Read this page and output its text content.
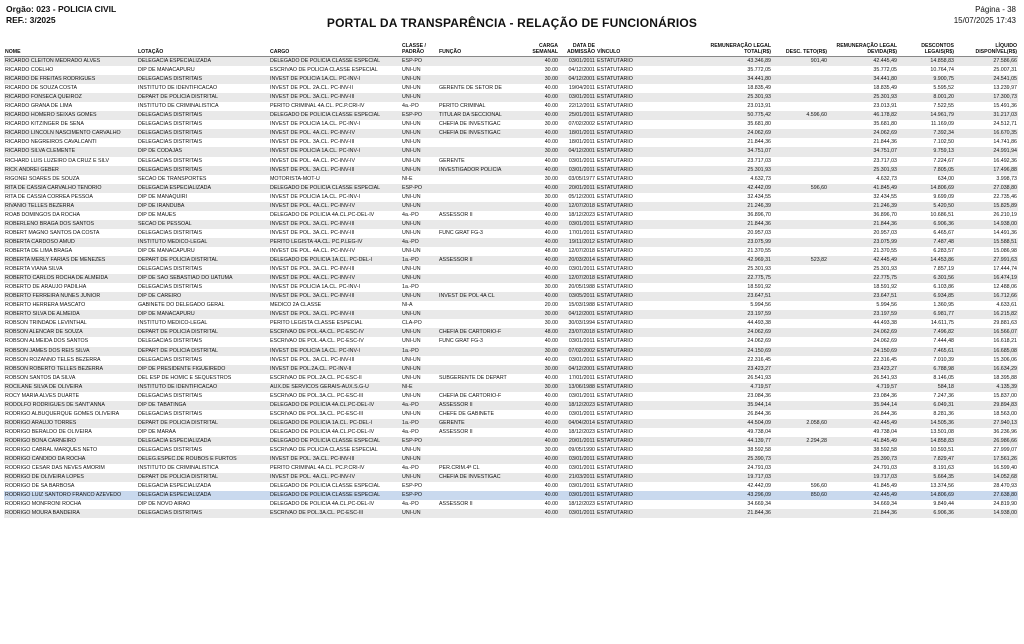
Orgão: 023 - POLICIA CIVIL
REF.: 3/2025	PORTAL DA TRANSPARÊNCIA - RELAÇÃO DE FUNCIONÁRIOS
Página - 38
15/07/2025 17:43
NOME	LOTAÇÃO	CARGO	CLASSE / PADRÃO	FUNÇÃO	CARGA SEMANAL	DATA DE ADMISSÃO	VÍNCULO	REMUNERAÇÃO LEGAL TOTAL(R$)	DESC. TETO(R$)	REMUNERAÇÃO LEGAL DEVIDA(R$)	DESCONTOS LEGAIS(R$)	LÍQUIDO DISPONÍVEL(R$)
RICARDO CLEITON MEDRADO ALVES	DELEGACIA ESPECIALIZADA	DELEGADO DE POLICIA CLASSE ESPECIAL	ESP-PO		40.00	03/01/2011	ESTATUTARIO	43.346,89	901,40	42.445,49	14.858,83	27.586,66
RICARDO COELHO	DIP DE MANACAPURU	ESCRIVAO DE POLICIA CLASSE ESPECIAL	UNI-UN		30.00	04/12/2001	ESTATUTARIO	35.772,05		35.772,05	10.764,74	25.007,31
RICARDO DE FREITAS RODRIGUES	DELEGACIAS DISTRITAIS	INVEST DE POLICIA 1A.CL. PC-INV-I	UNI-UN		30.00	04/12/2001	ESTATUTARIO	34.441,80		34.441,80	9.900,75	24.541,05
RICARDO DE SOUZA COSTA	INSTITUTO DE IDENTIFICACAO	INVEST DE POL. 2A.CL. PC-INV-II	UNI-UN	GERENTE DE SETOR DE	40.00	19/04/2011	ESTATUTARIO	18.835,49		18.835,49	5.595,52	13.239,97
RICARDO FONSECA QUEIROZ	DEPART DE POLICIA DISTRITAL	INVEST DE POL. 3A.CL. PC-INV-III	UNI-UN		40.00	03/01/2011	ESTATUTARIO	25.301,93		25.301,93	8.001,20	17.300,73
RICARDO GRANA DE LIMA	INSTITUTO DE CRIMINALISTICA	PERITO CRIMINAL 4A.CL. PC.P.CRI-IV	4a.-PO	PERITO CRIMINAL	40.00	22/12/2011	ESTATUTARIO	23.013,91		23.013,91	7.522,55	15.491,36
RICARDO HOMERO SEIXAS GOMES	DELEGACIAS DISTRITAIS	DELEGADO DE POLICIA CLASSE ESPECIAL	ESP-PO	TITULAR DA SECCIONAL	40.00	25/01/2011	ESTATUTARIO	50.775,42	4.596,60	46.178,82	14.961,79	31.217,03
RICARDO KITZINGER DE SENA	DELEGACIAS DISTRITAIS	INVEST DE POLICIA 1A.CL. PC-INV-I	UNI-UN	CHEFIA DE INVESTIGAC	30.00	07/02/2002	ESTATUTARIO	35.681,80		35.681,80	11.169,09	24.512,71
RICARDO LINCOLN NASCIMENTO CARVALHO	DELEGACIAS DISTRITAIS	INVEST DE POL. 4A.CL. PC-INV-IV	UNI-UN	CHEFIA DE INVESTIGAC	40.00	18/01/2011	ESTATUTARIO	24.062,69		24.062,69	7.392,34	16.670,35
RICARDO NEGREIROS CAVALCANTI	DELEGACIAS DISTRITAIS	INVEST DE POL. 3A.CL. PC-INV-III	UNI-UN		40.00	18/01/2011	ESTATUTARIO	21.844,36		21.844,36	7.102,50	14.741,86
RICARDO SILVA CLEMENTE	DIP DE CODAJAS	INVEST DE POLICIA 1A.CL. PC-INV-I	UNI-UN		30.00	04/12/2001	ESTATUTARIO	34.751,07		34.751,07	9.759,13	24.991,94
RICHARD LUIS LUZEIRO DA CRUZ E SILV	DELEGACIAS DISTRITAIS	INVEST DE POL. 4A.CL. PC-INV-IV	UNI-UN	GERENTE	40.00	03/01/2011	ESTATUTARIO	23.717,03		23.717,03	7.224,67	16.492,36
RICK ANDREI GEBER	DELEGACIAS DISTRITAIS	INVEST DE POL. 3A.CL. PC-INV-III	UNI-UN	INVESTIGADOR POLICIA	40.00	03/01/2011	ESTATUTARIO	25.301,93		25.301,93	7.805,05	17.496,88
RIGONEI SOARES DE SOUZA	SECAO DE TRANSPORTES	MOTORISTA-MOT-U	NI-E		30.00	03/05/1977	ESTATUTARIO	4.632,73		4.632,73	634,00	3.998,73
RITA DE CASSIA CARVALHO TENORIO	DELEGACIA ESPECIALIZADA	DELEGADO DE POLICIA CLASSE ESPECIAL	ESP-PO		40.00	20/01/2011	ESTATUTARIO	42.442,09	596,60	41.845,49	14.806,69	27.038,80
RITA DE CASSIA CORREA PESSOA	DIP DE MANAQUIRI	INVEST DE POLICIA 1A.CL. PC-INV-I	UNI-UN		30.00	05/12/2001	ESTATUTARIO	32.434,55		32.434,55	9.699,09	22.735,46
RIVANIO TELLES BEZERRA	DIP DE IRANDUBA	INVEST DE POL. 4A.CL. PC-INV-IV	UNI-UN		40.00	12/07/2018	ESTATUTARIO	21.246,39		21.246,39	5.420,50	15.825,89
ROAB DOMINGOS DA ROCHA	DIP DE MAUES	DELEGADO DE POLICIA 4A.CL.PC-DEL-IV	4a.-PO	ASSESSOR II	40.00	18/12/2023	ESTATUTARIO	36.896,70		36.896,70	10.686,51	26.210,19
ROBERLENO BRAGA DOS SANTOS	SECAO DE PESSOAL	INVEST DE POL. 3A.CL. PC-INV-III	UNI-UN		40.00	03/01/2011	ESTATUTARIO	21.844,36		21.844,36	6.906,36	14.938,00
ROBERT MAGNO SANTOS DA COSTA	DELEGACIAS DISTRITAIS	INVEST DE POL. 3A.CL. PC-INV-III	UNI-UN	FUNC GRAT FG-3	40.00	17/01/2011	ESTATUTARIO	20.957,03		20.957,03	6.465,67	14.491,36
ROBERTA CARDOSO AMUD	INSTITUTO MEDICO-LEGAL	PERITO LEGISTA 4A.CL. PC.P.LEG-IV	4a.-PO		40.00	19/11/2012	ESTATUTARIO	23.075,99		23.075,99	7.487,48	15.588,51
ROBERTA DE LIMA BRAGA	DIP DE MANACAPURU	INVEST DE POL. 4A.CL. PC-INV-IV	UNI-UN		48.00	12/07/2018	ESTATUTARIO	21.370,55		21.370,55	6.283,57	15.086,98
ROBERTA MERLY FARIAS DE MENEZES	DEPART DE POLICIA DISTRITAL	DELEGADO DE POLICIA 1A.CL. PC-DEL-I	1a.-PO	ASSESSOR II	40.00	20/03/2014	ESTATUTARIO	42.969,31	523,82	42.445,49	14.453,86	27.991,63
ROBERTA VIANA SILVA	DELEGACIAS DISTRITAIS	INVEST DE POL. 3A.CL. PC-INV-III	UNI-UN		40.00	03/01/2011	ESTATUTARIO	25.301,93		25.301,93	7.857,19	17.444,74
ROBERTO CARLOS ROCHA DE ALMEIDA	DIP DE SAO SEBASTIAO DO UATUMA	INVEST DE POL. 4A.CL. PC-INV-IV	UNI-UN		40.00	12/07/2018	ESTATUTARIO	22.775,75		22.775,75	6.301,56	16.474,19
ROBERTO DE ARAUJO PADILHA	DELEGACIAS DISTRITAIS	INVEST DE POLICIA 1A.CL. PC-INV-I	1a.-PO		30.00	20/05/1988	ESTATUTARIO	18.591,92		18.591,92	6.103,86	12.488,06
ROBERTO FERREIRA NUNES JUNIOR	DIP DE CAREIRO	INVEST DE POL. 3A.CL. PC-INV-III	UNI-UN	INVEST DE POL 4A CL	40.00	03/05/2011	ESTATUTARIO	23.647,51		23.647,51	6.934,85	16.712,66
ROBERTO HERRERA MASCATO	GABINETE DO DELEGADO GERAL	MEDICO 2A CLASSE	NI-A		20.00	15/03/1988	ESTATUTARIO	5.994,56		5.994,56	1.360,95	4.633,61
ROBERTO SILVA DE ALMEIDA	DIP DE MANACAPURU	INVEST DE POL. 3A.CL. PC-INV-III	UNI-UN		30.00	04/12/2001	ESTATUTARIO	23.197,59		23.197,59	6.981,77	16.215,82
ROBSON TRINDADE LEVINTHAL	INSTITUTO MEDICO-LEGAL	PERITO LEGISTA CLASSE ESPECIAL	CLA-PO		30.00	30/03/1994	ESTATUTARIO	44.493,38		44.493,38	14.611,75	29.881,63
ROBSON ALENCAR DE SOUZA	DEPART DE POLICIA DISTRITAL	ESCRIVAO DE POL.4A.CL. PC-ESC-IV	UNI-UN	CHEFIA DE CARTORIO-F	48.00	23/07/2018	ESTATUTARIO	24.062,69		24.062,69	7.496,82	16.566,07
ROBSON ALMEIDA DOS SANTOS	DELEGACIAS DISTRITAIS	ESCRIVAO DE POL.4A.CL. PC-ESC-IV	UNI-UN	FUNC GRAT FG-3	40.00	03/01/2011	ESTATUTARIO	24.062,69		24.062,69	7.444,48	16.618,21
ROBSON JAMES DOS REIS SILVA	DEPART DE POLICIA DISTRITAL	INVEST DE POLICIA 1A.CL. PC-INV-I	1a.-PO		30.00	07/02/2002	ESTATUTARIO	24.150,69		24.150,69	7.465,61	16.685,08
ROBSON ROZANNO TELES BEZERRA	DELEGACIAS DISTRITAIS	INVEST DE POL. 3A.CL. PC-INV-III	UNI-UN		40.00	03/01/2011	ESTATUTARIO	22.316,45		22.316,45	7.010,39	15.306,06
ROBSON ROBERTO TELLES BEZERRA	DIP DE PRESIDENTE FIGUEIREDO	INVEST DE POL.2A.CL. PC-INV-II	UNI-UN		30.00	04/12/2001	ESTATUTARIO	23.423,27		23.423,27	6.788,98	16.634,29
ROBSON SANTOS DA SILVA	DEL ESP DE HOMIC E SEQUESTROS	ESCRIVAO DE POL.2A.CL. PC-ESC-II	UNI-UN	SUBGERENTE DE DEPART	40.00	17/01/2011	ESTATUTARIO	26.541,93		26.541,93	8.146,05	18.395,88
ROCILANE SILVA DE OLIVEIRA	INSTITUTO DE IDENTIFICACAO	AUX.DE SERVICOS GERAIS-AUX.S.G-U	NI-E		30.00	13/06/1988	ESTATUTARIO	4.719,57		4.719,57	584,18	4.135,39
ROCY MARIA ALVES DUARTE	DELEGACIAS DISTRITAIS	ESCRIVAO DE POL.3A.CL. PC-ESC-III	UNI-UN	CHEFIA DE CARTORIO-F	40.00	03/01/2011	ESTATUTARIO	23.084,36		23.084,36	7.247,36	15.837,00
RODOLFO RODRIGUES DE SANT'ANNA	DIP DE TABATINGA	DELEGADO DE POLICIA 4A.CL.PC-DEL-IV	4a.-PO	ASSESSOR II	40.00	18/12/2023	ESTATUTARIO	35.944,14		35.944,14	6.049,31	29.894,83
RODRIGO ALBUQUERQUE GOMES OLIVEIRA	DELEGACIAS DISTRITAIS	ESCRIVAO DE POL.3A.CL. PC-ESC-III	UNI-UN	CHEFE DE GABINETE	40.00	03/01/2011	ESTATUTARIO	26.844,36		26.844,36	8.281,36	18.563,00
RODRIGO ARAUJO TORRES	DEPART DE POLICIA DISTRITAL	DELEGADO DE POLICIA 1A.CL. PC-DEL-I	1a.-PO	GERENTE	40.00	04/04/2014	ESTATUTARIO	44.504,09	2.058,60	42.445,49	14.505,36	27.940,13
RODRIGO BERALDO DE OLIVEIRA	DIP DE MARAA	DELEGADO DE POLICIA 4A.CL.PC-DEL-IV	4a.-PO	ASSESSOR II	40.00	18/12/2023	ESTATUTARIO	49.738,04		49.738,04	13.501,08	36.236,96
RODRIGO BONA CARNEIRO	DELEGACIA ESPECIALIZADA	DELEGADO DE POLICIA CLASSE ESPECIAL	ESP-PO		40.00	20/01/2011	ESTATUTARIO	44.139,77	2.294,28	41.845,49	14.858,83	26.986,66
RODRIGO CABRAL MARQUES NETO	DELEGACIAS DISTRITAIS	ESCRIVAO DE POLICIA CLASSE ESPECIAL	UNI-UN		30.00	09/05/1990	ESTATUTARIO	38.592,58		38.592,58	10.593,51	27.999,07
RODRIGO CANDIDO DA ROCHA	DELEG.ESPEC.DE ROUBOS E FURTOS	INVEST DE POL. 3A.CL. PC-INV-III	UNI-UN		40.00	03/01/2011	ESTATUTARIO	25.390,73		25.390,73	7.829,47	17.561,26
RODRIGO CESAR DAS NEVES AMORIM	INSTITUTO DE CRIMINALISTICA	PERITO CRIMINAL 4A.CL. PC.P.CRI-IV	4a.-PO	PER.CRIM.4ª CL	40.00	03/01/2011	ESTATUTARIO	24.791,03		24.791,03	8.191,63	16.599,40
RODRIGO DE OLIVEIRA LOPES	DEPART DE POLICIA DISTRITAL	INVEST DE POL. 4A.CL. PC-INV-IV	UNI-UN	CHEFIA DE INVESTIGAC	40.00	21/03/2011	ESTATUTARIO	19.717,03		19.717,03	5.664,35	14.052,68
RODRIGO DE SA BARBOSA	DELEGACIA ESPECIALIZADA	DELEGADO DE POLICIA CLASSE ESPECIAL	ESP-PO		40.00	03/01/2011	ESTATUTARIO	42.442,09	596,60	41.845,49	13.374,56	28.470,93
RODRIGO LUIZ SANTORO FRANCO AZEVEDO	DELEGACIA ESPECIALIZADA	DELEGADO DE POLICIA CLASSE ESPECIAL	ESP-PO		40.00	03/01/2011	ESTATUTARIO	43.296,09	850,60	42.445,49	14.806,69	27.638,80
RODRIGO MONFRONI ROCHA	DIP DE NOVO AIRAO	DELEGADO DE POLICIA 4A.CL.PC-DEL-IV	4a.-PO	ASSESSOR II	40.00	18/12/2023	ESTATUTARIO	34.669,34		34.669,34	9.849,44	24.819,90
RODRIGO MOURA BANDEIRA	DELEGACIAS DISTRITAIS	ESCRIVAO DE POL.3A.CL. PC-ESC-III	UNI-UN		40.00	03/01/2011	ESTATUTARIO	21.844,36		21.844,36	6.906,36	14.938,00
